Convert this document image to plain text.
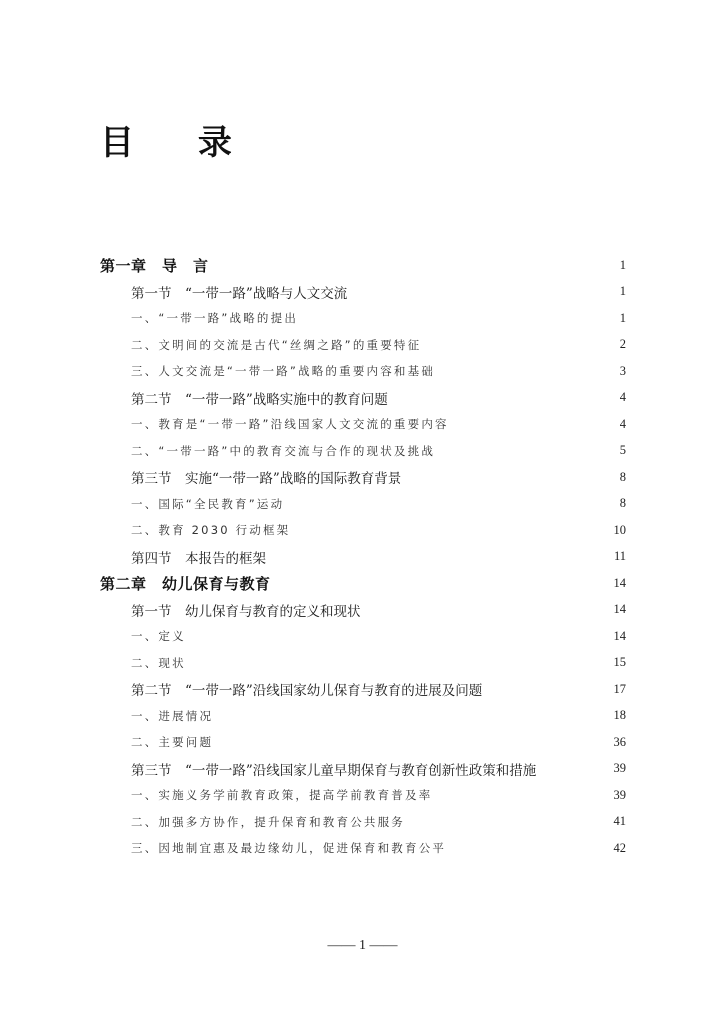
目 录
第一章　导　言	1
第一节　“一带一路”战略与人文交流	1
一、“一带一路”战略的提出	1
二、文明间的交流是古代“丝绸之路”的重要特征	2
三、人文交流是“一带一路”战略的重要内容和基础	3
第二节　“一带一路”战略实施中的教育问题	4
一、教育是“一带一路”沿线国家人文交流的重要内容	4
二、“一带一路”中的教育交流与合作的现状及挑战	5
第三节　实施“一带一路”战略的国际教育背景	8
一、国际“全民教育”运动	8
二、教育 2030 行动框架	10
第四节　本报告的框架	11
第二章　幼儿保育与教育	14
第一节　幼儿保育与教育的定义和现状	14
一、定义	14
二、现状	15
第二节　“一带一路”沿线国家幼儿保育与教育的进展及问题	17
一、进展情况	18
二、主要问题	36
第三节　“一带一路”沿线国家儿童早期保育与教育创新性政策和措施	39
一、实施义务学前教育政策，提高学前教育普及率	39
二、加强多方协作，提升保育和教育公共服务	41
三、因地制宜惠及最边缘幼儿，促进保育和教育公平	42
—— 1 ——
